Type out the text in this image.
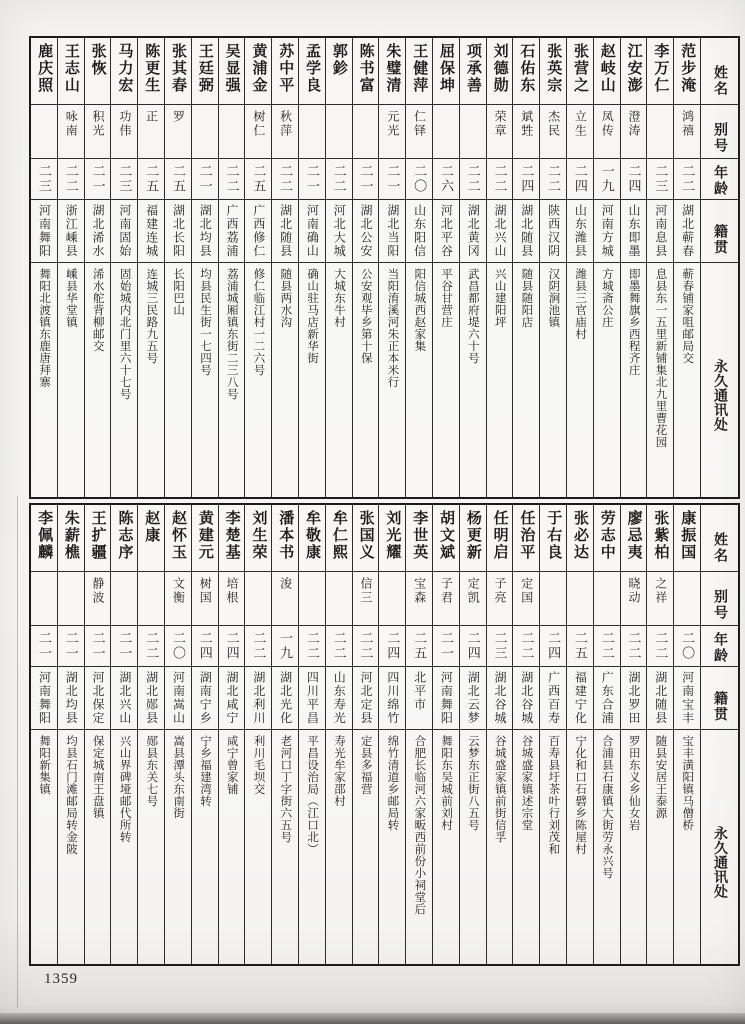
姓名
别号
年龄
籍贯
永久通讯处
范步淹
鸿禧
二二
湖北蕲春
蕲春铺家咀邮局交
李万仁
二三
河南息县
息县东一五里新铺集北九里曹花园
江安澎
澄涛
二四
山东即墨
即墨舞旗乡西程齐庄
赵岐山
凤传
一九
河南方城
方城斋公庄
张营之
立生
二四
山东潍县
潍县三官庙村
张英宗
杰民
二二
陕西汉阴
汉阴涧池镇
石佑东
斌甡
二四
湖北随县
随县随阳店
刘德勋
荣章
二二
湖北兴山
兴山建阳坪
项承善
二二
湖北黄冈
武昌都府堤六十号
屈保坤
二六
河北平谷
平谷甘营庄
王健萍
仁铎
二〇
山东阳信
阳信城西赵家集
朱璧清
元光
二一
湖北当阳
当阳淯溪河朱正本米行
陈书富
二一
湖北公安
公安观毕乡第十保
郭鉁
二二
河北大城
大城东牛村
孟学良
二一
河南确山
确山驻马店新华街
苏中平
秋萍
二二
湖北随县
随县两水沟
黄浦金
树仁
二五
广西修仁
修仁临江村一二六号
吴显强
二二
广西荔浦
荔浦城厢镇东街二三八号
王廷弼
二一
湖北均县
均县民生街一七四号
张其春
罗
二五
湖北长阳
长阳巴山
陈更生
正
二五
福建连城
连城三民路九五号
马力宏
功伟
二三
河南固始
固始城内北门里六十七号
张恢
积光
二一
湖北浠水
浠水舵背柳邮交
王志山
咏南
二二
浙江嵊县
嵊县华堂镇
鹿庆照
二三
河南舞阳
舞阳北渡镇东鹿唐拜寨
姓名
别号
年龄
籍贯
永久通讯处
康振国
二〇
河南宝丰
宝丰潢阳镇马僧桥
张紫柏
之祥
二二
湖北随县
随县安居王泰源
廖忌夷
晓动
二二
湖北罗田
罗田东义乡仙女岩
劳志中
二二
广东合浦
合浦县石康镇大街劳永兴号
张必达
二五
福建宁化
宁化和口石礕乡陈屋村
于右良
二四
广西百寿
百寿县圩茶叶行刘茂和
任治平
定国
二二
湖北谷城
谷城盛家镇述宗堂
任明启
子亮
二三
湖北谷城
谷城盛家镇前街信孚
杨更新
定凯
二四
湖北云梦
云梦东正街八五号
胡文斌
子君
二一
河南舞阳
舞阳东吴城前刘村
李世英
宝森
二五
北平市
合肥长临河六家畈西前份小祠堂后
刘光耀
二四
四川绵竹
绵竹清道乡邮局转
张国义
信三
二二
河北定县
定县多福营
牟仁熙
二二
山东寿光
寿光牟家邵村
牟敬康
二二
四川平昌
平昌设治局（江口北）
潘本书
浚
一九
湖北光化
老河口丁字街六五号
刘生荣
二二
湖北利川
利川毛坝交
李楚基
培根
二四
湖北咸宁
咸宁曾家铺
黄建元
树国
二四
湖南宁乡
宁乡福建湾转
赵怀玉
文衡
二〇
河南嵩山
嵩县潭头东南街
赵康
二二
湖北郧县
郧县东关七号
陈志序
二一
湖北兴山
兴山界碑垭邮代所转
王扩疆
静波
二一
河北保定
保定城南王盘镇
朱薪樵
二一
湖北均县
均县石门滩邮局转金陂
李佩麟
二一
河南舞阳
舞阳新集镇
1359
